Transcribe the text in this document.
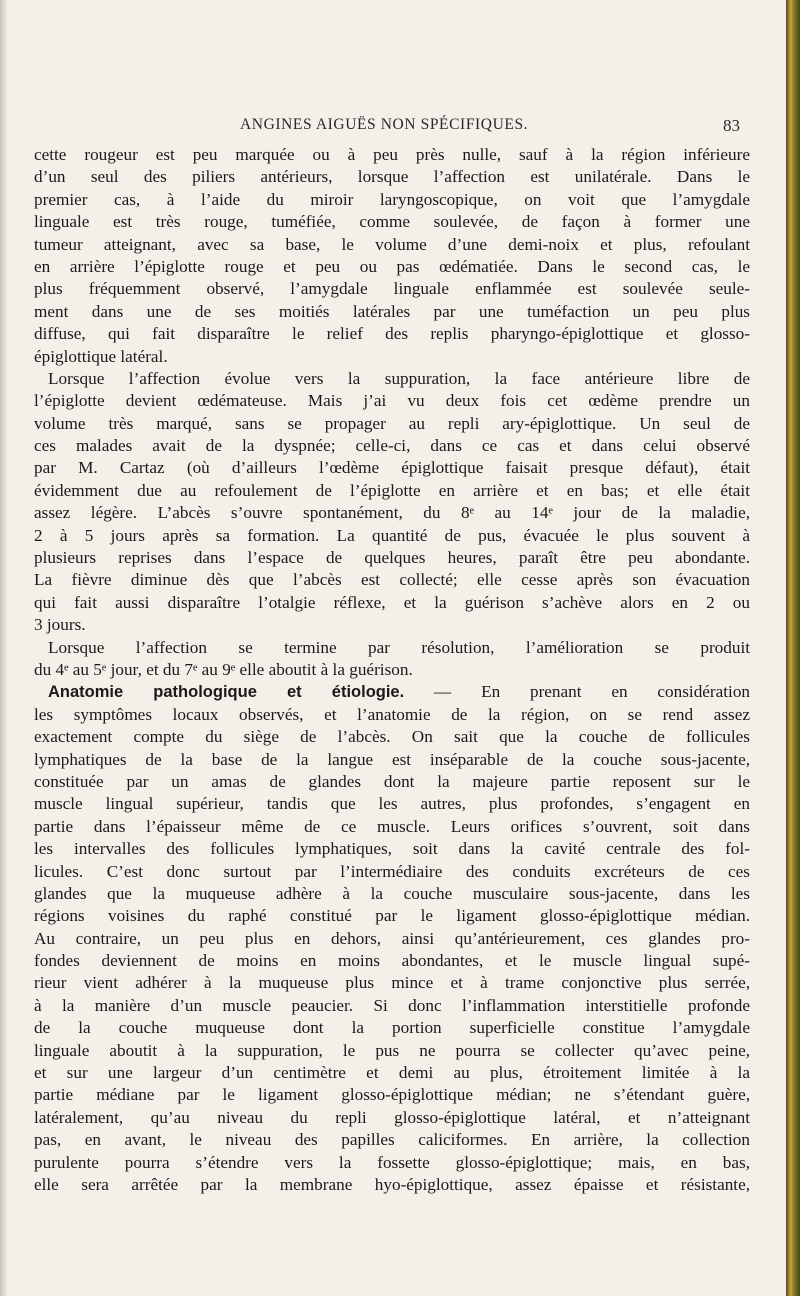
ANGINES AIGUËS NON SPÉCIFIQUES.	83
cette rougeur est peu marquée ou à peu près nulle, sauf à la région inférieure
d’un seul des piliers antérieurs, lorsque l’affection est unilatérale. Dans le
premier cas, à l’aide du miroir laryngoscopique, on voit que l’amygdale
linguale est très rouge, tuméfiée, comme soulevée, de façon à former une
tumeur atteignant, avec sa base, le volume d’une demi-noix et plus, refoulant
en arrière l’épiglotte rouge et peu ou pas œdématiée. Dans le second cas, le
plus fréquemment observé, l’amygdale linguale enflammée est soulevée seule-
ment dans une de ses moitiés latérales par une tuméfaction un peu plus
diffuse, qui fait disparaître le relief des replis pharyngo-épiglottique et glosso-
épiglottique latéral.
Lorsque l’affection évolue vers la suppuration, la face antérieure libre de
l’épiglotte devient œdémateuse. Mais j’ai vu deux fois cet œdème prendre un
volume très marqué, sans se propager au repli ary-épiglottique. Un seul de
ces malades avait de la dyspnée; celle-ci, dans ce cas et dans celui observé
par M. Cartaz (où d’ailleurs l’œdème épiglottique faisait presque défaut), était
évidemment due au refoulement de l’épiglotte en arrière et en bas; et elle était
assez légère. L’abcès s’ouvre spontanément, du 8ᵉ au 14ᵉ jour de la maladie,
2 à 5 jours après sa formation. La quantité de pus, évacuée le plus souvent à
plusieurs reprises dans l’espace de quelques heures, paraît être peu abondante.
La fièvre diminue dès que l’abcès est collecté; elle cesse après son évacuation
qui fait aussi disparaître l’otalgie réflexe, et la guérison s’achève alors en 2 ou
3 jours.
Lorsque l’affection se termine par résolution, l’amélioration se produit
du 4ᵉ au 5ᵉ jour, et du 7ᵉ au 9ᵉ elle aboutit à la guérison.
Anatomie pathologique et étiologie. — En prenant en considération
les symptômes locaux observés, et l’anatomie de la région, on se rend assez
exactement compte du siège de l’abcès. On sait que la couche de follicules
lymphatiques de la base de la langue est inséparable de la couche sous-jacente,
constituée par un amas de glandes dont la majeure partie reposent sur le
muscle lingual supérieur, tandis que les autres, plus profondes, s’engagent en
partie dans l’épaisseur même de ce muscle. Leurs orifices s’ouvrent, soit dans
les intervalles des follicules lymphatiques, soit dans la cavité centrale des fol-
licules. C’est donc surtout par l’intermédiaire des conduits excréteurs de ces
glandes que la muqueuse adhère à la couche musculaire sous-jacente, dans les
régions voisines du raphé constitué par le ligament glosso-épiglottique médian.
Au contraire, un peu plus en dehors, ainsi qu’antérieurement, ces glandes pro-
fondes deviennent de moins en moins abondantes, et le muscle lingual supé-
rieur vient adhérer à la muqueuse plus mince et à trame conjonctive plus serrée,
à la manière d’un muscle peaucier. Si donc l’inflammation interstitielle profonde
de la couche muqueuse dont la portion superficielle constitue l’amygdale
linguale aboutit à la suppuration, le pus ne pourra se collecter qu’avec peine,
et sur une largeur d’un centimètre et demi au plus, étroitement limitée à la
partie médiane par le ligament glosso-épiglottique médian; ne s’étendant guère,
latéralement, qu’au niveau du repli glosso-épiglottique latéral, et n’atteignant
pas, en avant, le niveau des papilles caliciformes. En arrière, la collection
purulente pourra s’étendre vers la fossette glosso-épiglottique; mais, en bas,
elle sera arrêtée par la membrane hyo-épiglottique, assez épaisse et résistante,
